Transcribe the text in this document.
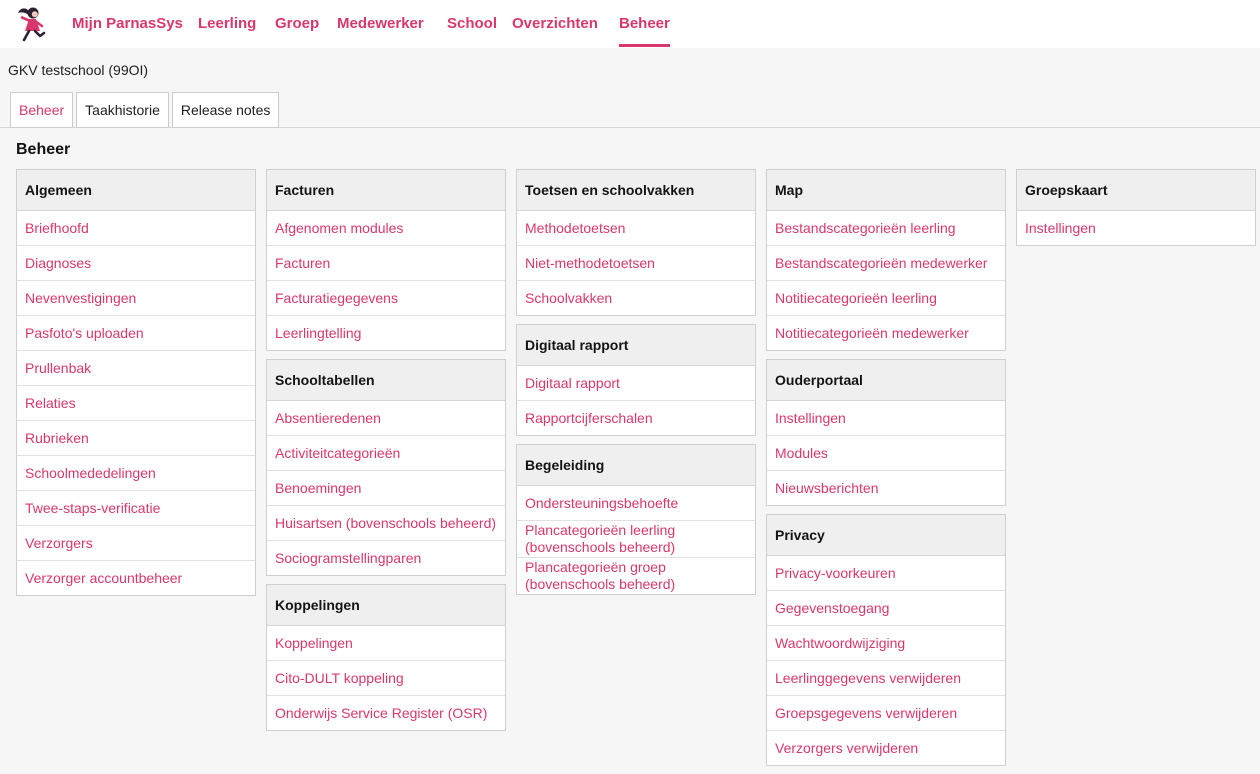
Mijn ParnasSys Leerling Groep Medewerker School Overzichten Beheer
GKV testschool (99OI)
Beheer	Taakhistorie	Release notes
Beheer
Algemeen
Briefhoofd
Diagnoses
Nevenvestigingen
Pasfoto's uploaden
Prullenbak
Relaties
Rubrieken
Schoolmededelingen
Twee-staps-verificatie
Verzorgers
Verzorger accountbeheer
Facturen
Afgenomen modules
Facturen
Facturatiegegevens
Leerlingtelling
Schooltabellen
Absentieredenen
Activiteitcategorieën
Benoemingen
Huisartsen (bovenschools beheerd)
Sociogramstellingparen
Koppelingen
Koppelingen
Cito-DULT koppeling
Onderwijs Service Register (OSR)
Toetsen en schoolvakken
Methodetoetsen
Niet-methodetoetsen
Schoolvakken
Digitaal rapport
Digitaal rapport
Rapportcijferschalen
Begeleiding
Ondersteuningsbehoefte
Plancategorieën leerling (bovenschools beheerd)
Plancategorieën groep (bovenschools beheerd)
Map
Bestandscategorieën leerling
Bestandscategorieën medewerker
Notitiecategorieën leerling
Notitiecategorieën medewerker
Ouderportaal
Instellingen
Modules
Nieuwsberichten
Privacy
Privacy-voorkeuren
Gegevenstoegang
Wachtwoordwijziging
Leerlinggegevens verwijderen
Groepsgegevens verwijderen
Verzorgers verwijderen
Groepskaart
Instellingen
